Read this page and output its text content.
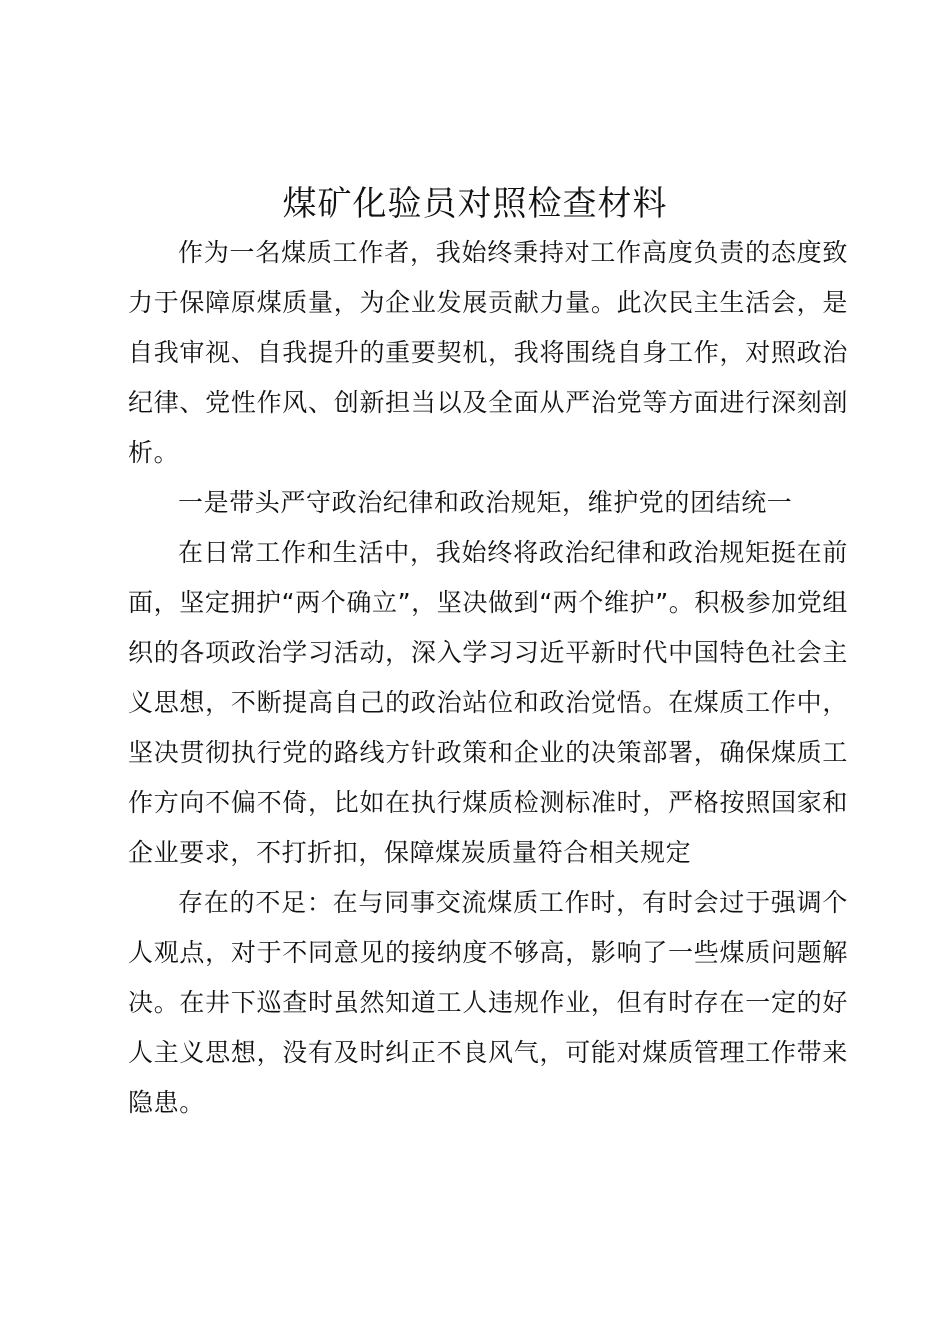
煤矿化验员对照检查材料

作为一名煤质工作者，我始终秉持对工作高度负责的态度致力于保障原煤质量，为企业发展贡献力量。此次民主生活会，是自我审视、自我提升的重要契机，我将围绕自身工作，对照政治纪律、党性作风、创新担当以及全面从严治党等方面进行深刻剖析。

一是带头严守政治纪律和政治规矩，维护党的团结统一

在日常工作和生活中，我始终将政治纪律和政治规矩挺在前面，坚定拥护“两个确立”，坚决做到“两个维护”。积极参加党组织的各项政治学习活动，深入学习习近平新时代中国特色社会主义思想，不断提高自己的政治站位和政治觉悟。在煤质工作中，坚决贯彻执行党的路线方针政策和企业的决策部署，确保煤质工作方向不偏不倚，比如在执行煤质检测标准时，严格按照国家和企业要求，不打折扣，保障煤炭质量符合相关规定

存在的不足：在与同事交流煤质工作时，有时会过于强调个人观点，对于不同意见的接纳度不够高，影响了一些煤质问题解决。在井下巡查时虽然知道工人违规作业，但有时存在一定的好人主义思想，没有及时纠正不良风气，可能对煤质管理工作带来隐患。
